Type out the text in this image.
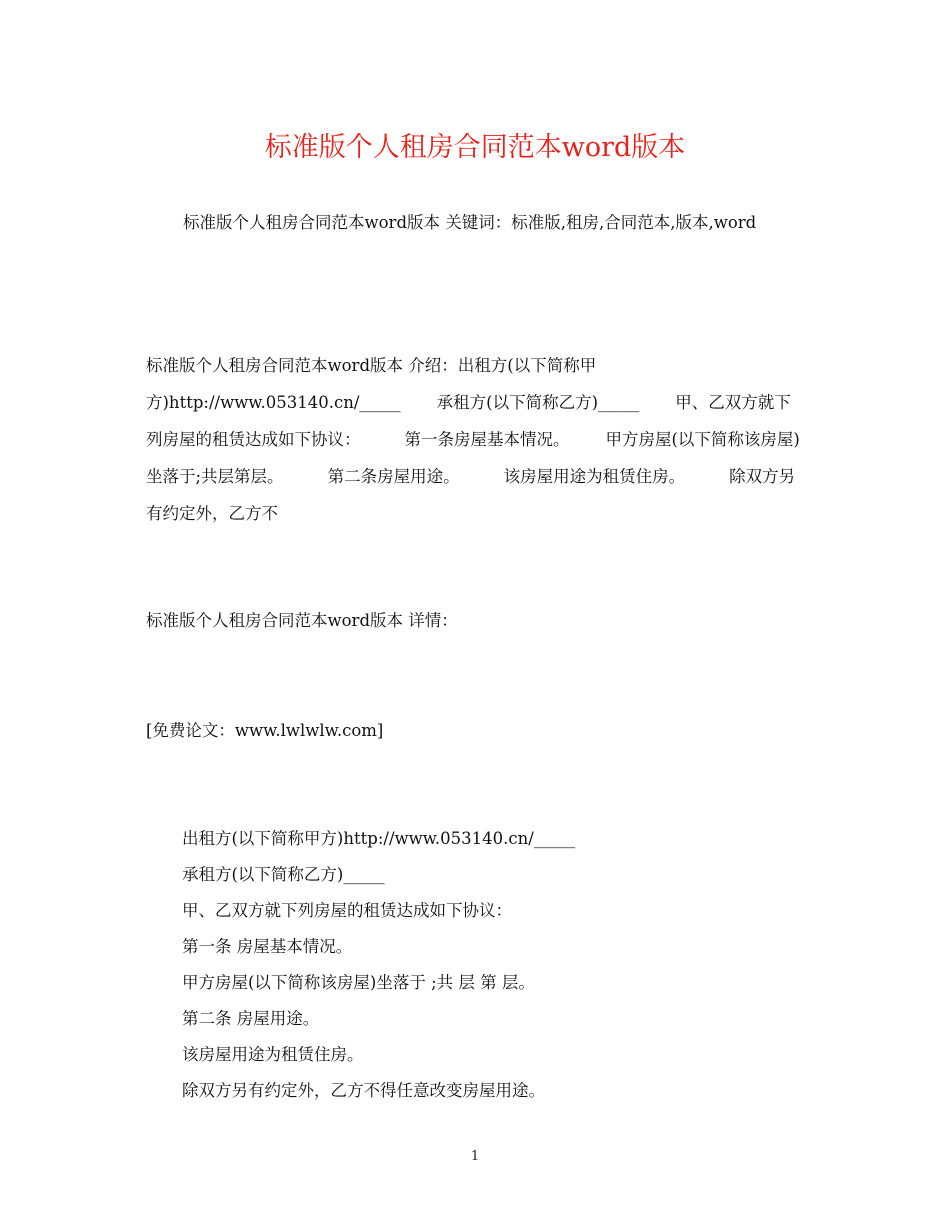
标准版个人租房合同范本word版本

标准版个人租房合同范本word版本 关键词：标准版,租房,合同范本,版本,word

标准版个人租房合同范本word版本 介绍：出租方(以下简称甲方)http://www.053140.cn/_____ 承租方(以下简称乙方)_____ 甲、乙双方就下列房屋的租赁达成如下协议：	第一条房屋基本情况。 甲方房屋(以下简称该房屋)坐落于;共层第层。	第二条房屋用途。	该房屋用途为租赁住房。	除双方另有约定外，乙方不

标准版个人租房合同范本word版本 详情：

[免费论文：www.lwlwlw.com]

出租方(以下简称甲方)http://www.053140.cn/_____
承租方(以下简称乙方)_____
甲、乙双方就下列房屋的租赁达成如下协议：
第一条 房屋基本情况。
甲方房屋(以下简称该房屋)坐落于 ;共 层 第 层。
第二条 房屋用途。
该房屋用途为租赁住房。
除双方另有约定外，乙方不得任意改变房屋用途。
1
